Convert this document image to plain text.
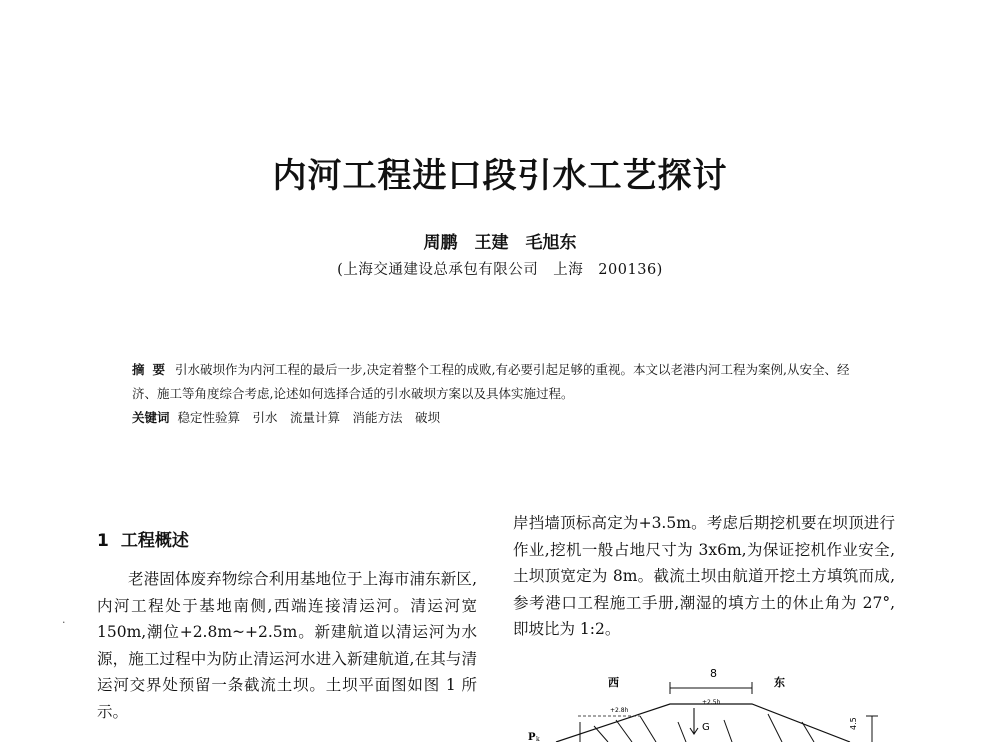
内河工程进口段引水工艺探讨
周鹏　王建　毛旭东
(上海交通建设总承包有限公司　上海　200136)

摘要 引水破坝作为内河工程的最后一步,决定着整个工程的成败,有必要引起足够的重视。本文以老港内河工程为案例,从安全、经济、施工等角度综合考虑,论述如何选择合适的引水破坝方案以及具体实施过程。

关键词 稳定性验算　引水　流量计算　消能方法　破坝

·
1 工程概述

老港固体废弃物综合利用基地位于上海市浦东新区,内河工程处于基地南侧,西端连接清运河。清运河宽 150m,潮位+2.8m~+2.5m。新建航道以清运河为水源，施工过程中为防止清运河水进入新建航道,在其与清运河交界处预留一条截流土坝。土坝平面图如图 1 所示。

岸挡墙顶标高定为+3.5m。考虑后期挖机要在坝顶进行作业,挖机一般占地尺寸为 3x6m,为保证挖机作业安全,土坝顶宽定为 8m。截流土坝由航道开挖土方填筑而成,参考港口工程施工手册,潮湿的填方土的休止角为 27°,即坡比为 1:2。

西	东
8
+2.8h
+2.5h
G
P k
4.5
